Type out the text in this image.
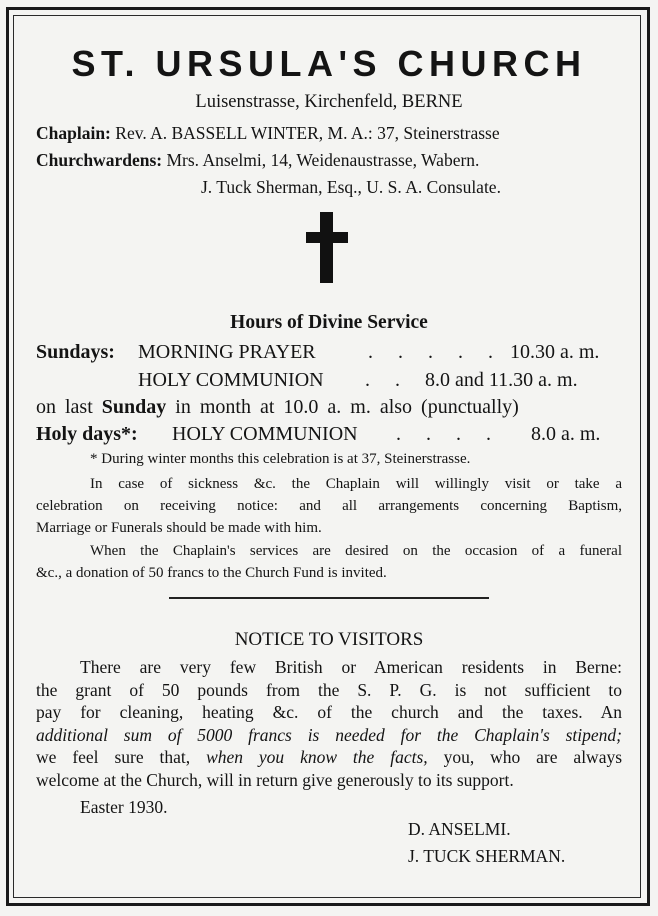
ST. URSULA'S CHURCH
Luisenstrasse, Kirchenfeld, BERNE
Chaplain: Rev. A. BASSELL WINTER, M. A.: 37, Steinerstrasse
Churchwardens: Mrs. Anselmi, 14, Weidenaustrasse, Wabern.
J. Tuck Sherman, Esq., U. S. A. Consulate.
Hours of Divine Service
Sundays: MORNING PRAYER	. . . . . 10.30 a. m.
HOLY COMMUNION . . 8.0 and 11.30 a. m.
on last Sunday in month at 10.0 a. m. also (punctually)
Holy days*: HOLY COMMUNION . . . . 8.0 a. m.
* During winter months this celebration is at 37, Steinerstrasse.
In case of sickness &c. the Chaplain will willingly visit or take a
celebration on receiving notice: and all arrangements concerning Baptism,
Marriage or Funerals should be made with him.
When the Chaplain's services are desired on the occasion of a funeral
&c., a donation of 50 francs to the Church Fund is invited.
NOTICE TO VISITORS
There are very few British or American residents in Berne:
the grant of 50 pounds from the S. P. G. is not sufficient to
pay for cleaning, heating &c. of the church and the taxes. An
additional sum of 5000 francs is needed for the Chaplain's stipend;
we feel sure that, when you know the facts, you, who are always
welcome at the Church, will in return give generously to its support.
Easter 1930.
D. ANSELMI.
J. TUCK SHERMAN.
